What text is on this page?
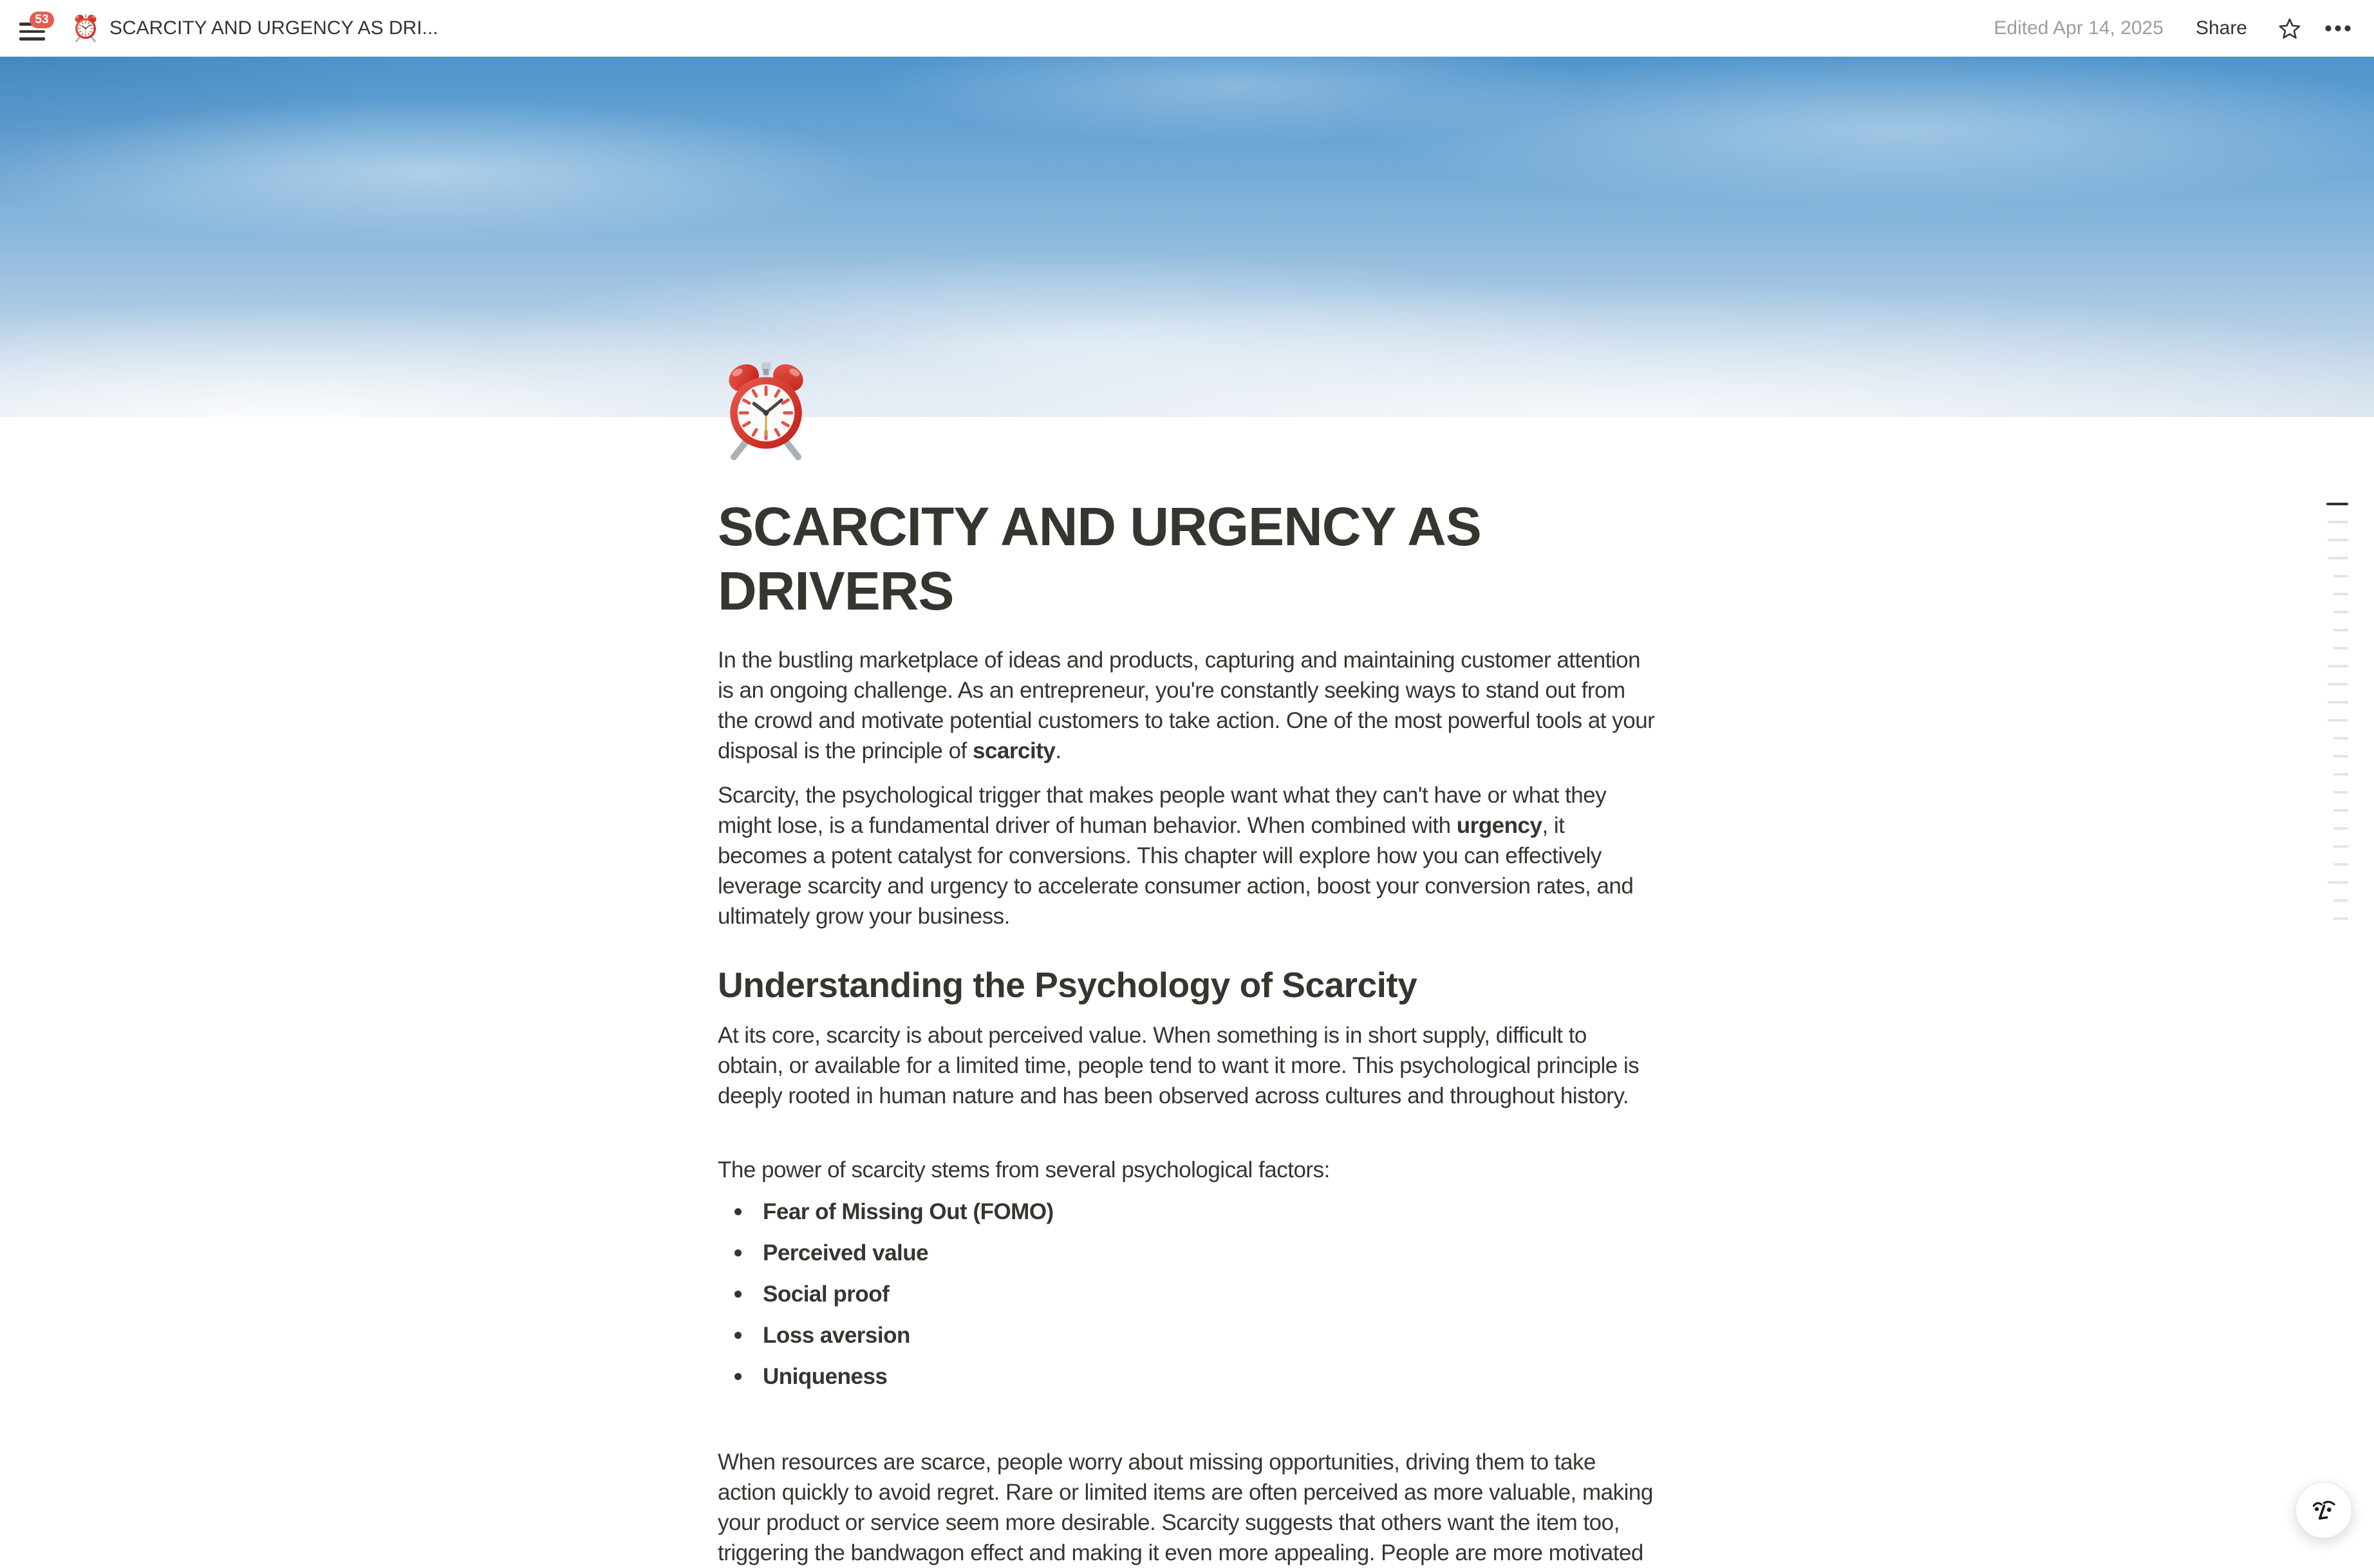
53	SCARCITY AND URGENCY AS DRI...	Edited Apr 14, 2025 Share
SCARCITY AND URGENCY AS DRIVERS

In the bustling marketplace of ideas and products, capturing and maintaining customer attention is an ongoing challenge. As an entrepreneur, you're constantly seeking ways to stand out from the crowd and motivate potential customers to take action. One of the most powerful tools at your disposal is the principle of scarcity.

Scarcity, the psychological trigger that makes people want what they can't have or what they might lose, is a fundamental driver of human behavior. When combined with urgency, it becomes a potent catalyst for conversions. This chapter will explore how you can effectively leverage scarcity and urgency to accelerate consumer action, boost your conversion rates, and ultimately grow your business.

Understanding the Psychology of Scarcity

At its core, scarcity is about perceived value. When something is in short supply, difficult to obtain, or available for a limited time, people tend to want it more. This psychological principle is deeply rooted in human nature and has been observed across cultures and throughout history.

The power of scarcity stems from several psychological factors:

Fear of Missing Out (FOMO)
Perceived value
Social proof
Loss aversion
Uniqueness

When resources are scarce, people worry about missing opportunities, driving them to take action quickly to avoid regret. Rare or limited items are often perceived as more valuable, making your product or service seem more desirable. Scarcity suggests that others want the item too, triggering the bandwagon effect and making it even more appealing. People are more motivated
